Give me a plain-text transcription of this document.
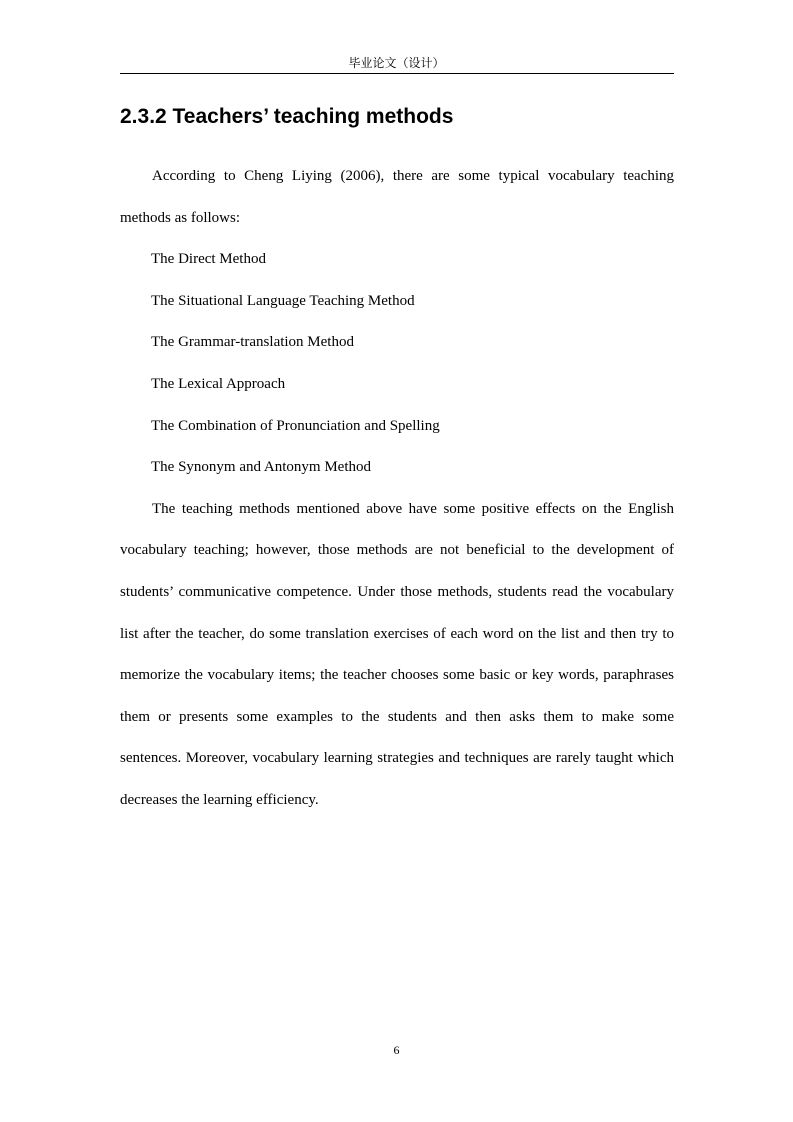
毕业论文（设计）
2.3.2 Teachers’ teaching methods

According to Cheng Liying (2006), there are some typical vocabulary teaching methods as follows:

The Direct Method
The Situational Language Teaching Method
The Grammar-translation Method
The Lexical Approach
The Combination of Pronunciation and Spelling
The Synonym and Antonym Method

The teaching methods mentioned above have some positive effects on the English vocabulary teaching; however, those methods are not beneficial to the development of students’ communicative competence. Under those methods, students read the vocabulary list after the teacher, do some translation exercises of each word on the list and then try to memorize the vocabulary items; the teacher chooses some basic or key words, paraphrases them or presents some examples to the students and then asks them to make some sentences. Moreover, vocabulary learning strategies and techniques are rarely taught which decreases the learning efficiency.

6
